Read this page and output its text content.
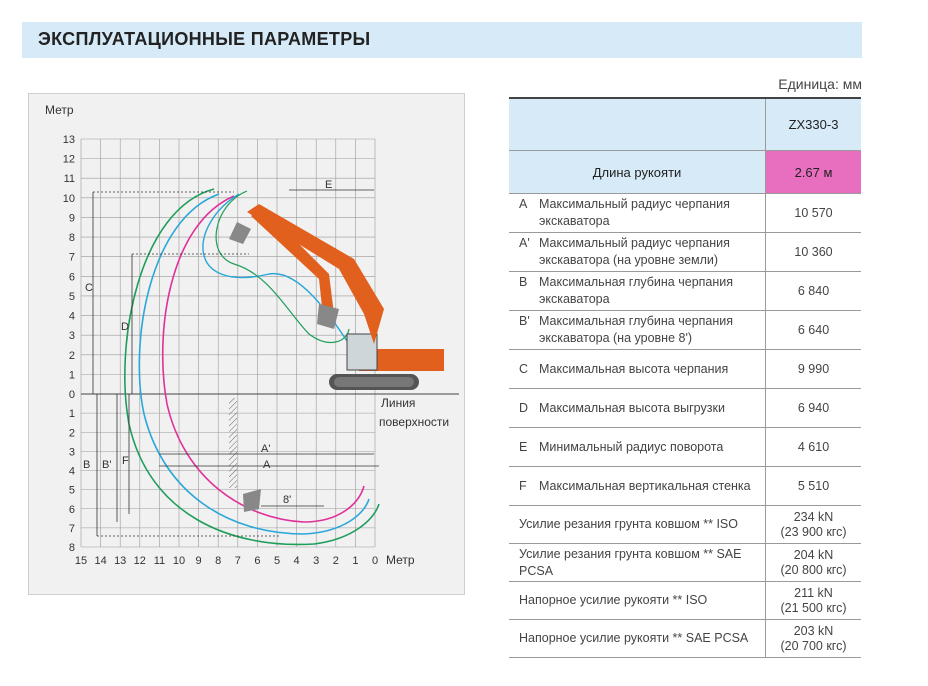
ЭКСПЛУАТАЦИОННЫЕ ПАРАМЕТРЫ
Единица: мм
13
12
11
10
9
8
7
6
5
4
3
2
1
0
1
2
3
4
5
6
7
8
15 14 13 12 11 10 9 8 7 6 5 4 3 2 1 0
C
D
E
B B' F
A'
A
8'
Метр
Метр
Линия
поверхности
	ZX330-3
Длина рукояти	2.67 м
A Максимальный радиус черпания экскаватора	10 570
A' Максимальный радиус черпания экскаватора (на уровне земли)	10 360
B Максимальная глубина черпания экскаватора	6 840
B' Максимальная глубина черпания экскаватора (на уровне 8')	6 640
C Максимальная высота черпания	9 990
D Максимальная высота выгрузки	6 940
E Минимальный радиус поворота	4 610
F Максимальная вертикальная стенка	5 510
Усилие резания грунта ковшом ** ISO	234 kN
(23 900 кгс)
Усилие резания грунта ковшом ** SAE PCSA	204 kN
(20 800 кгс)
Напорное усилие рукояти ** ISO	211 kN
(21 500 кгс)
Напорное усилие рукояти ** SAE PCSA	203 kN
(20 700 кгс)
